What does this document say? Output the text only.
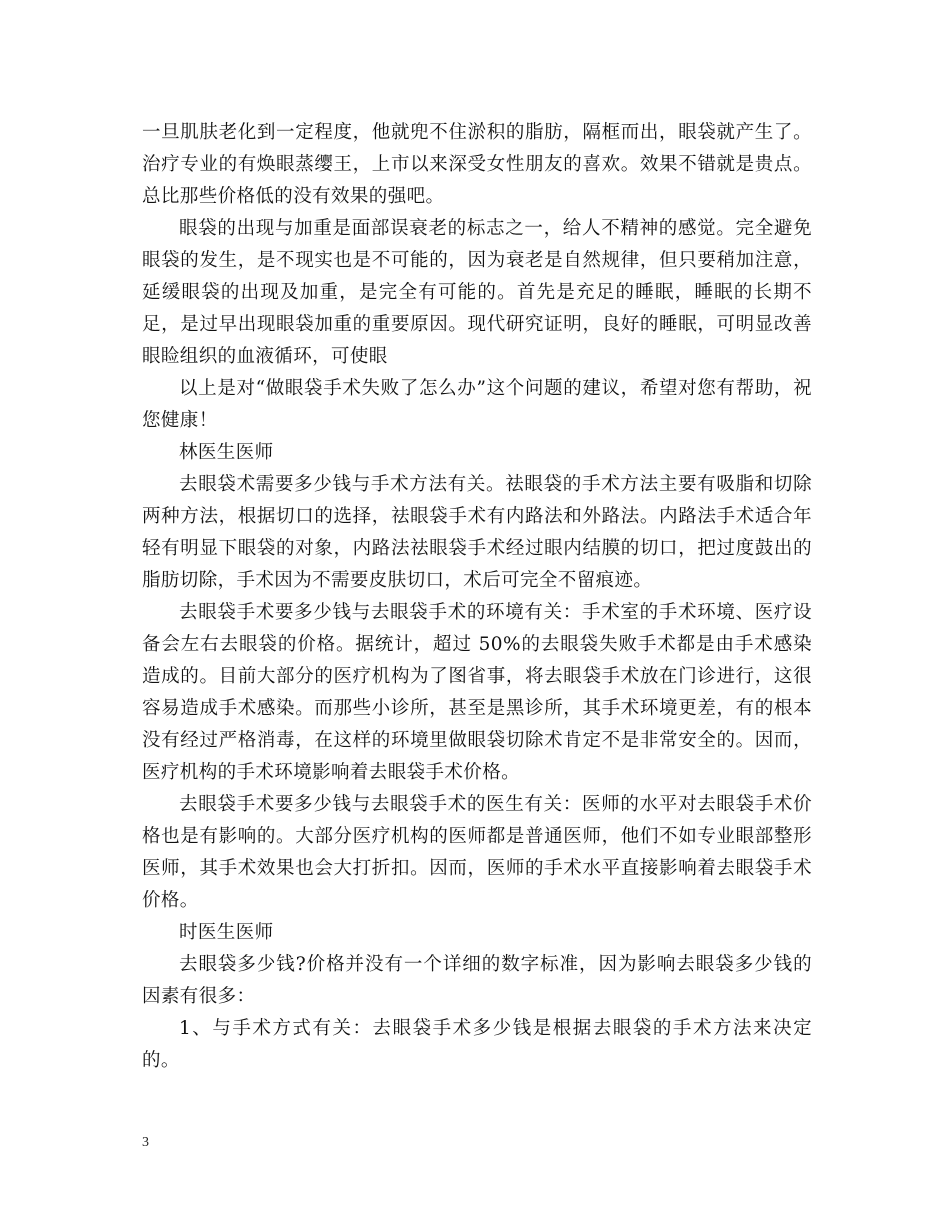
一旦肌肤老化到一定程度，他就兜不住淤积的脂肪，隔框而出，眼袋就产生了。治疗专业的有焕眼蒸缨王，上市以来深受女性朋友的喜欢。效果不错就是贵点。总比那些价格低的没有效果的强吧。

眼袋的出现与加重是面部误衰老的标志之一，给人不精神的感觉。完全避免眼袋的发生，是不现实也是不可能的，因为衰老是自然规律，但只要稍加注意，延缓眼袋的出现及加重，是完全有可能的。首先是充足的睡眠，睡眠的长期不足，是过早出现眼袋加重的重要原因。现代研究证明，良好的睡眠，可明显改善眼睑组织的血液循环，可使眼

以上是对“做眼袋手术失败了怎么办”这个问题的建议，希望对您有帮助，祝您健康！

林医生医师

去眼袋术需要多少钱与手术方法有关。祛眼袋的手术方法主要有吸脂和切除两种方法，根据切口的选择，祛眼袋手术有内路法和外路法。内路法手术适合年轻有明显下眼袋的对象，内路法祛眼袋手术经过眼内结膜的切口，把过度鼓出的脂肪切除，手术因为不需要皮肤切口，术后可完全不留痕迹。

去眼袋手术要多少钱与去眼袋手术的环境有关：手术室的手术环境、医疗设备会左右去眼袋的价格。据统计，超过 50%的去眼袋失败手术都是由手术感染造成的。目前大部分的医疗机构为了图省事，将去眼袋手术放在门诊进行，这很容易造成手术感染。而那些小诊所，甚至是黑诊所，其手术环境更差，有的根本没有经过严格消毒，在这样的环境里做眼袋切除术肯定不是非常安全的。因而，医疗机构的手术环境影响着去眼袋手术价格。

去眼袋手术要多少钱与去眼袋手术的医生有关：医师的水平对去眼袋手术价格也是有影响的。大部分医疗机构的医师都是普通医师，他们不如专业眼部整形医师，其手术效果也会大打折扣。因而，医师的手术水平直接影响着去眼袋手术价格。

时医生医师

去眼袋多少钱?价格并没有一个详细的数字标准，因为影响去眼袋多少钱的因素有很多：

1、与手术方式有关：去眼袋手术多少钱是根据去眼袋的手术方法来决定的。

3
